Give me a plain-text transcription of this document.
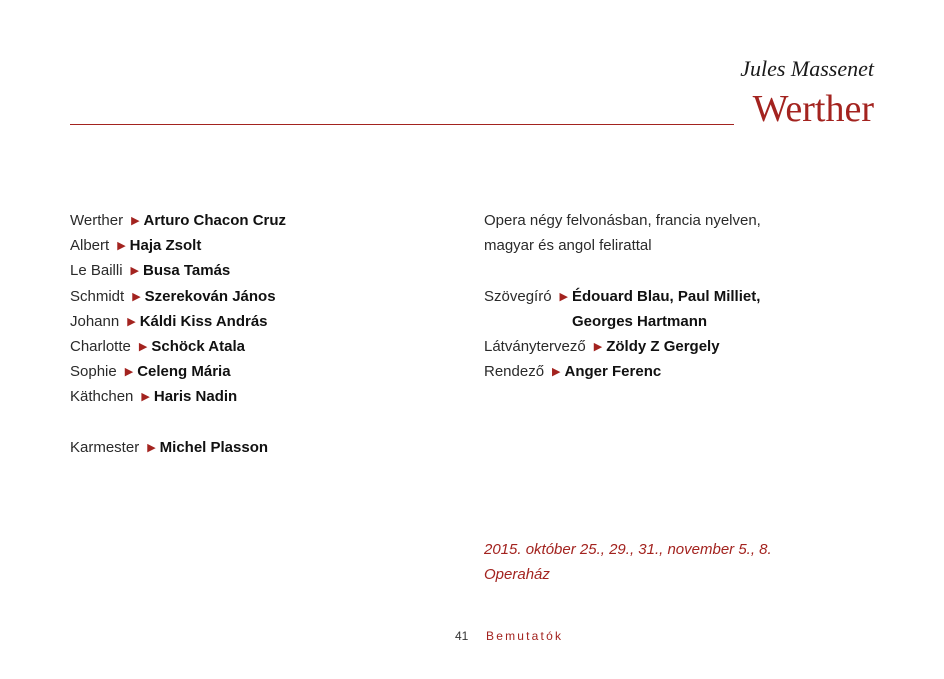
Jules Massenet
Werther
Werther ▶ Arturo Chacon Cruz
Albert ▶ Haja Zsolt
Le Bailli ▶ Busa Tamás
Schmidt ▶ Szerekován János
Johann ▶ Káldi Kiss András
Charlotte ▶ Schöck Atala
Sophie ▶ Celeng Mária
Käthchen ▶ Haris Nadin
Karmester ▶ Michel Plasson
Opera négy felvonásban, francia nyelven,
magyar és angol felirattal
Szövegíró ▶ Édouard Blau, Paul Milliet,
Georges Hartmann
Látványtervező ▶ Zöldy Z Gergely
Rendező ▶ Anger Ferenc
2015. október 25., 29., 31., november 5., 8.
Operaház
41 Bemutatók
